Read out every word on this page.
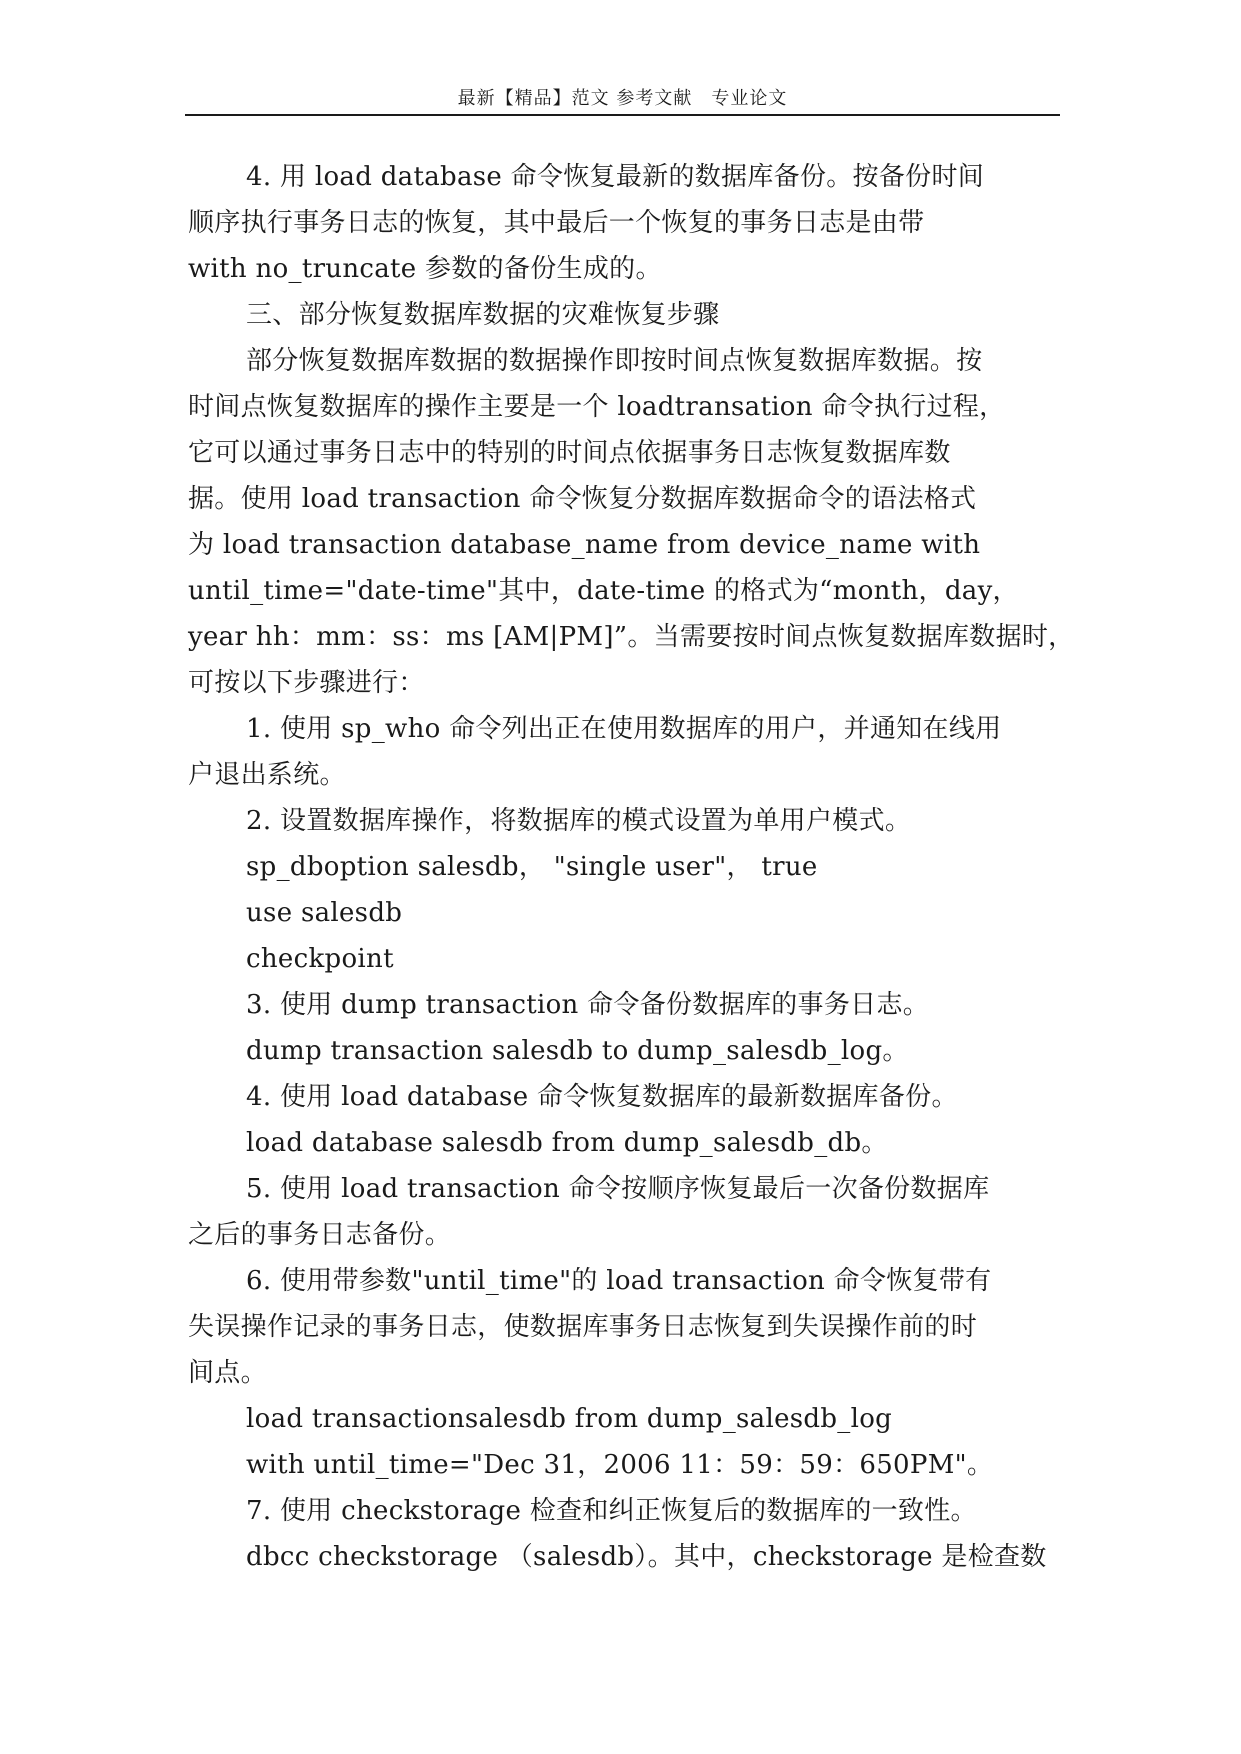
最新【精品】范文 参考文献　专业论文
4. 用 load database 命令恢复最新的数据库备份。按备份时间
顺序执行事务日志的恢复，其中最后一个恢复的事务日志是由带
with no_truncate 参数的备份生成的。
三、部分恢复数据库数据的灾难恢复步骤
部分恢复数据库数据的数据操作即按时间点恢复数据库数据。按
时间点恢复数据库的操作主要是一个 loadtransation 命令执行过程，
它可以通过事务日志中的特别的时间点依据事务日志恢复数据库数
据。使用 load transaction 命令恢复分数据库数据命令的语法格式
为 load transaction database_name from device_name with
until_time="date-time"其中，date-time 的格式为“month，day，
year hh：mm：ss：ms [AM|PM]”。当需要按时间点恢复数据库数据时，
可按以下步骤进行：
1. 使用 sp_who 命令列出正在使用数据库的用户，并通知在线用
户退出系统。
2. 设置数据库操作，将数据库的模式设置为单用户模式。
sp_dboption salesdb， "single user"， true
use salesdb
checkpoint
3. 使用 dump transaction 命令备份数据库的事务日志。
dump transaction salesdb to dump_salesdb_log。
4. 使用 load database 命令恢复数据库的最新数据库备份。
load database salesdb from dump_salesdb_db。
5. 使用 load transaction 命令按顺序恢复最后一次备份数据库
之后的事务日志备份。
6. 使用带参数"until_time"的 load transaction 命令恢复带有
失误操作记录的事务日志，使数据库事务日志恢复到失误操作前的时
间点。
load transactionsalesdb from dump_salesdb_log
with until_time="Dec 31，2006 11：59：59：650PM"。
7. 使用 checkstorage 检查和纠正恢复后的数据库的一致性。
dbcc checkstorage （salesdb）。其中，checkstorage 是检查数
